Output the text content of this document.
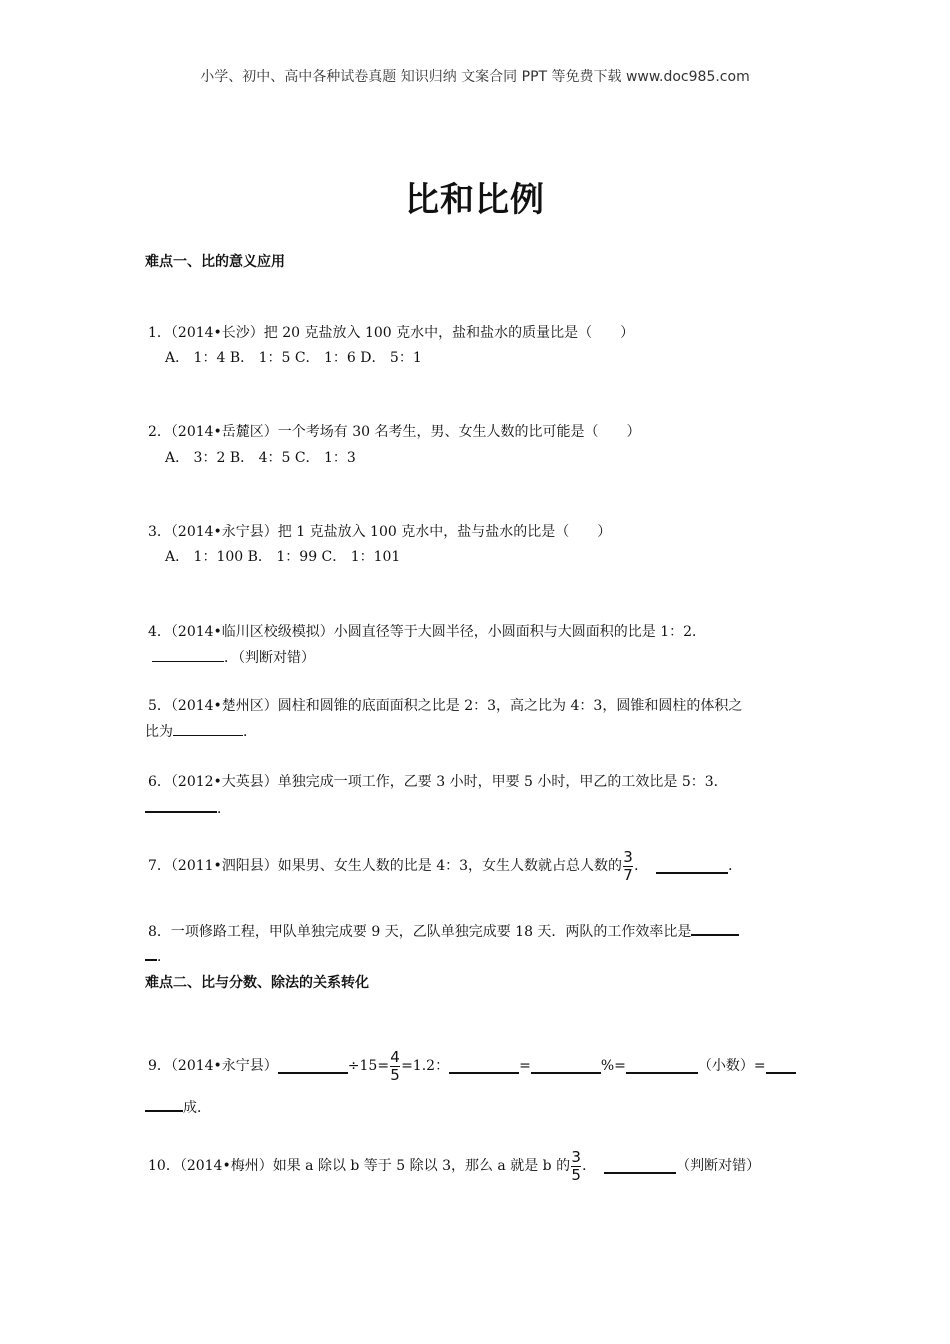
小学、初中、高中各种试卷真题 知识归纳 文案合同 PPT 等免费下载 www.doc985.com
比和比例
难点一、比的意义应用
1．（2014•长沙）把 20 克盐放入 100 克水中，盐和盐水的质量比是（　　）
A． 1：4 B． 1：5 C． 1：6 D． 5：1
2．（2014•岳麓区）一个考场有 30 名考生，男、女生人数的比可能是（　　）
A． 3：2 B． 4：5 C． 1：3
3．（2014•永宁县）把 1 克盐放入 100 克水中，盐与盐水的比是（　　）
A． 1：100 B． 1：99 C． 1：101
4．（2014•临川区校级模拟）小圆直径等于大圆半径，小圆面积与大圆面积的比是 1：2．
．（判断对错）
5．（2014•楚州区）圆柱和圆锥的底面面积之比是 2：3，高之比为 4：3，圆锥和圆柱的体积之
比为	．
6．（2012•大英县）单独完成一项工作，乙要 3 小时，甲要 5 小时，甲乙的工效比是 5：3．
．
7．（2011•泗阳县）如果男、女生人数的比是 4：3，女生人数就占总人数的 $\frac{3}{7}$ ．	．
8．一项修路工程，甲队单独完成要 9 天，乙队单独完成要 18 天．两队的工作效率比是
．
难点二、比与分数、除法的关系转化
9．（2014•永宁县）	$\div 15= \frac{4}{5} =1.2$：	=	%=	（小数）=
成．
10．（2014•梅州）如果 a 除以 b 等于 5 除以 3，那么 a 就是 b 的 $\frac{3}{5}$ ．	（判断对错）
